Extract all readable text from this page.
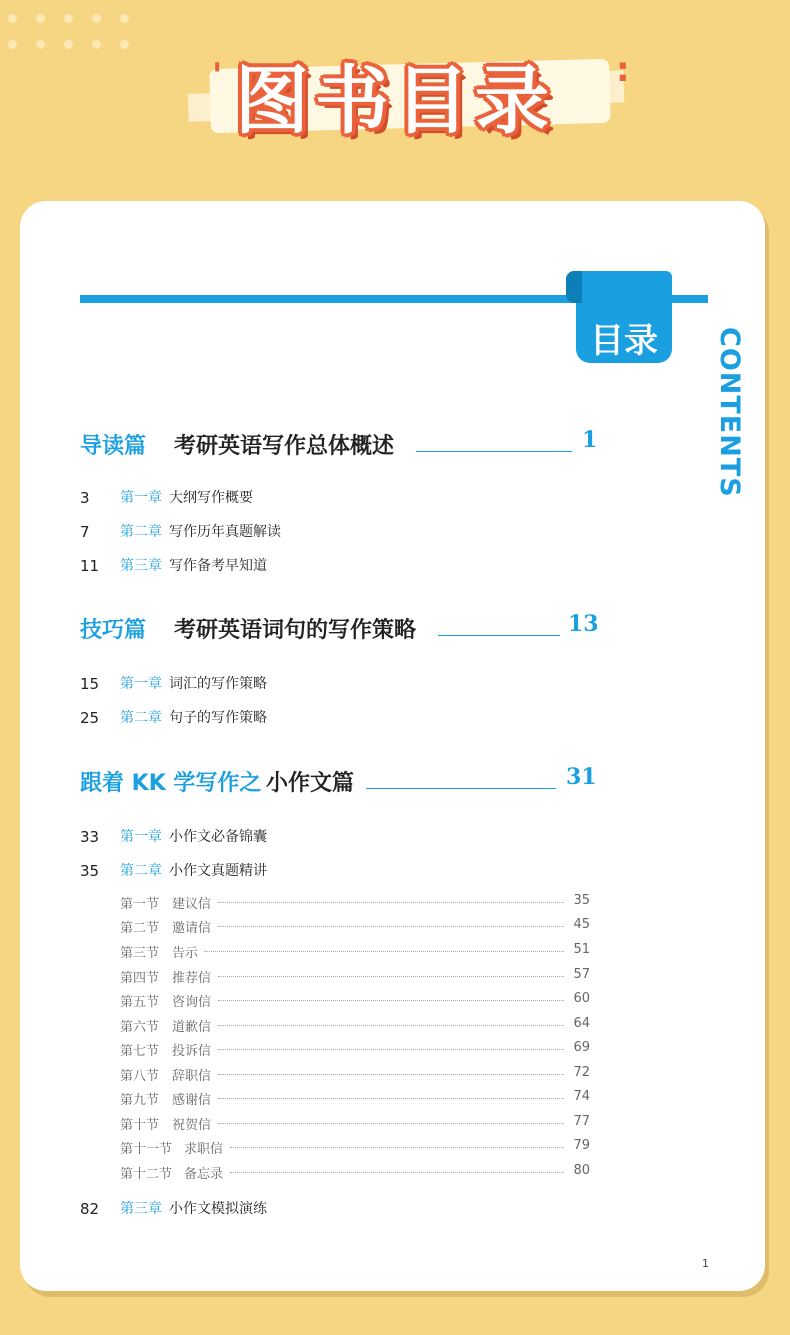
'	:
图书目录
目录	CONTENTS
导读篇 考研英语写作总体概述	1
3 第一章 大纲写作概要
7 第二章 写作历年真题解读
11 第三章 写作备考早知道
技巧篇 考研英语词句的写作策略	13
15 第一章 词汇的写作策略
25 第二章 句子的写作策略
跟着 KK 学写作之 小作文篇	31
33 第一章 小作文必备锦囊
35 第二章 小作文真题精讲
第一节 建议信	35
第二节 邀请信	45
第三节 告示	51
第四节 推荐信	57
第五节 咨询信	60
第六节 道歉信	64
第七节 投诉信	69
第八节 辞职信	72
第九节 感谢信	74
第十节 祝贺信	77
第十一节 求职信	79
第十二节 备忘录	80
82 第三章 小作文模拟演练
1
